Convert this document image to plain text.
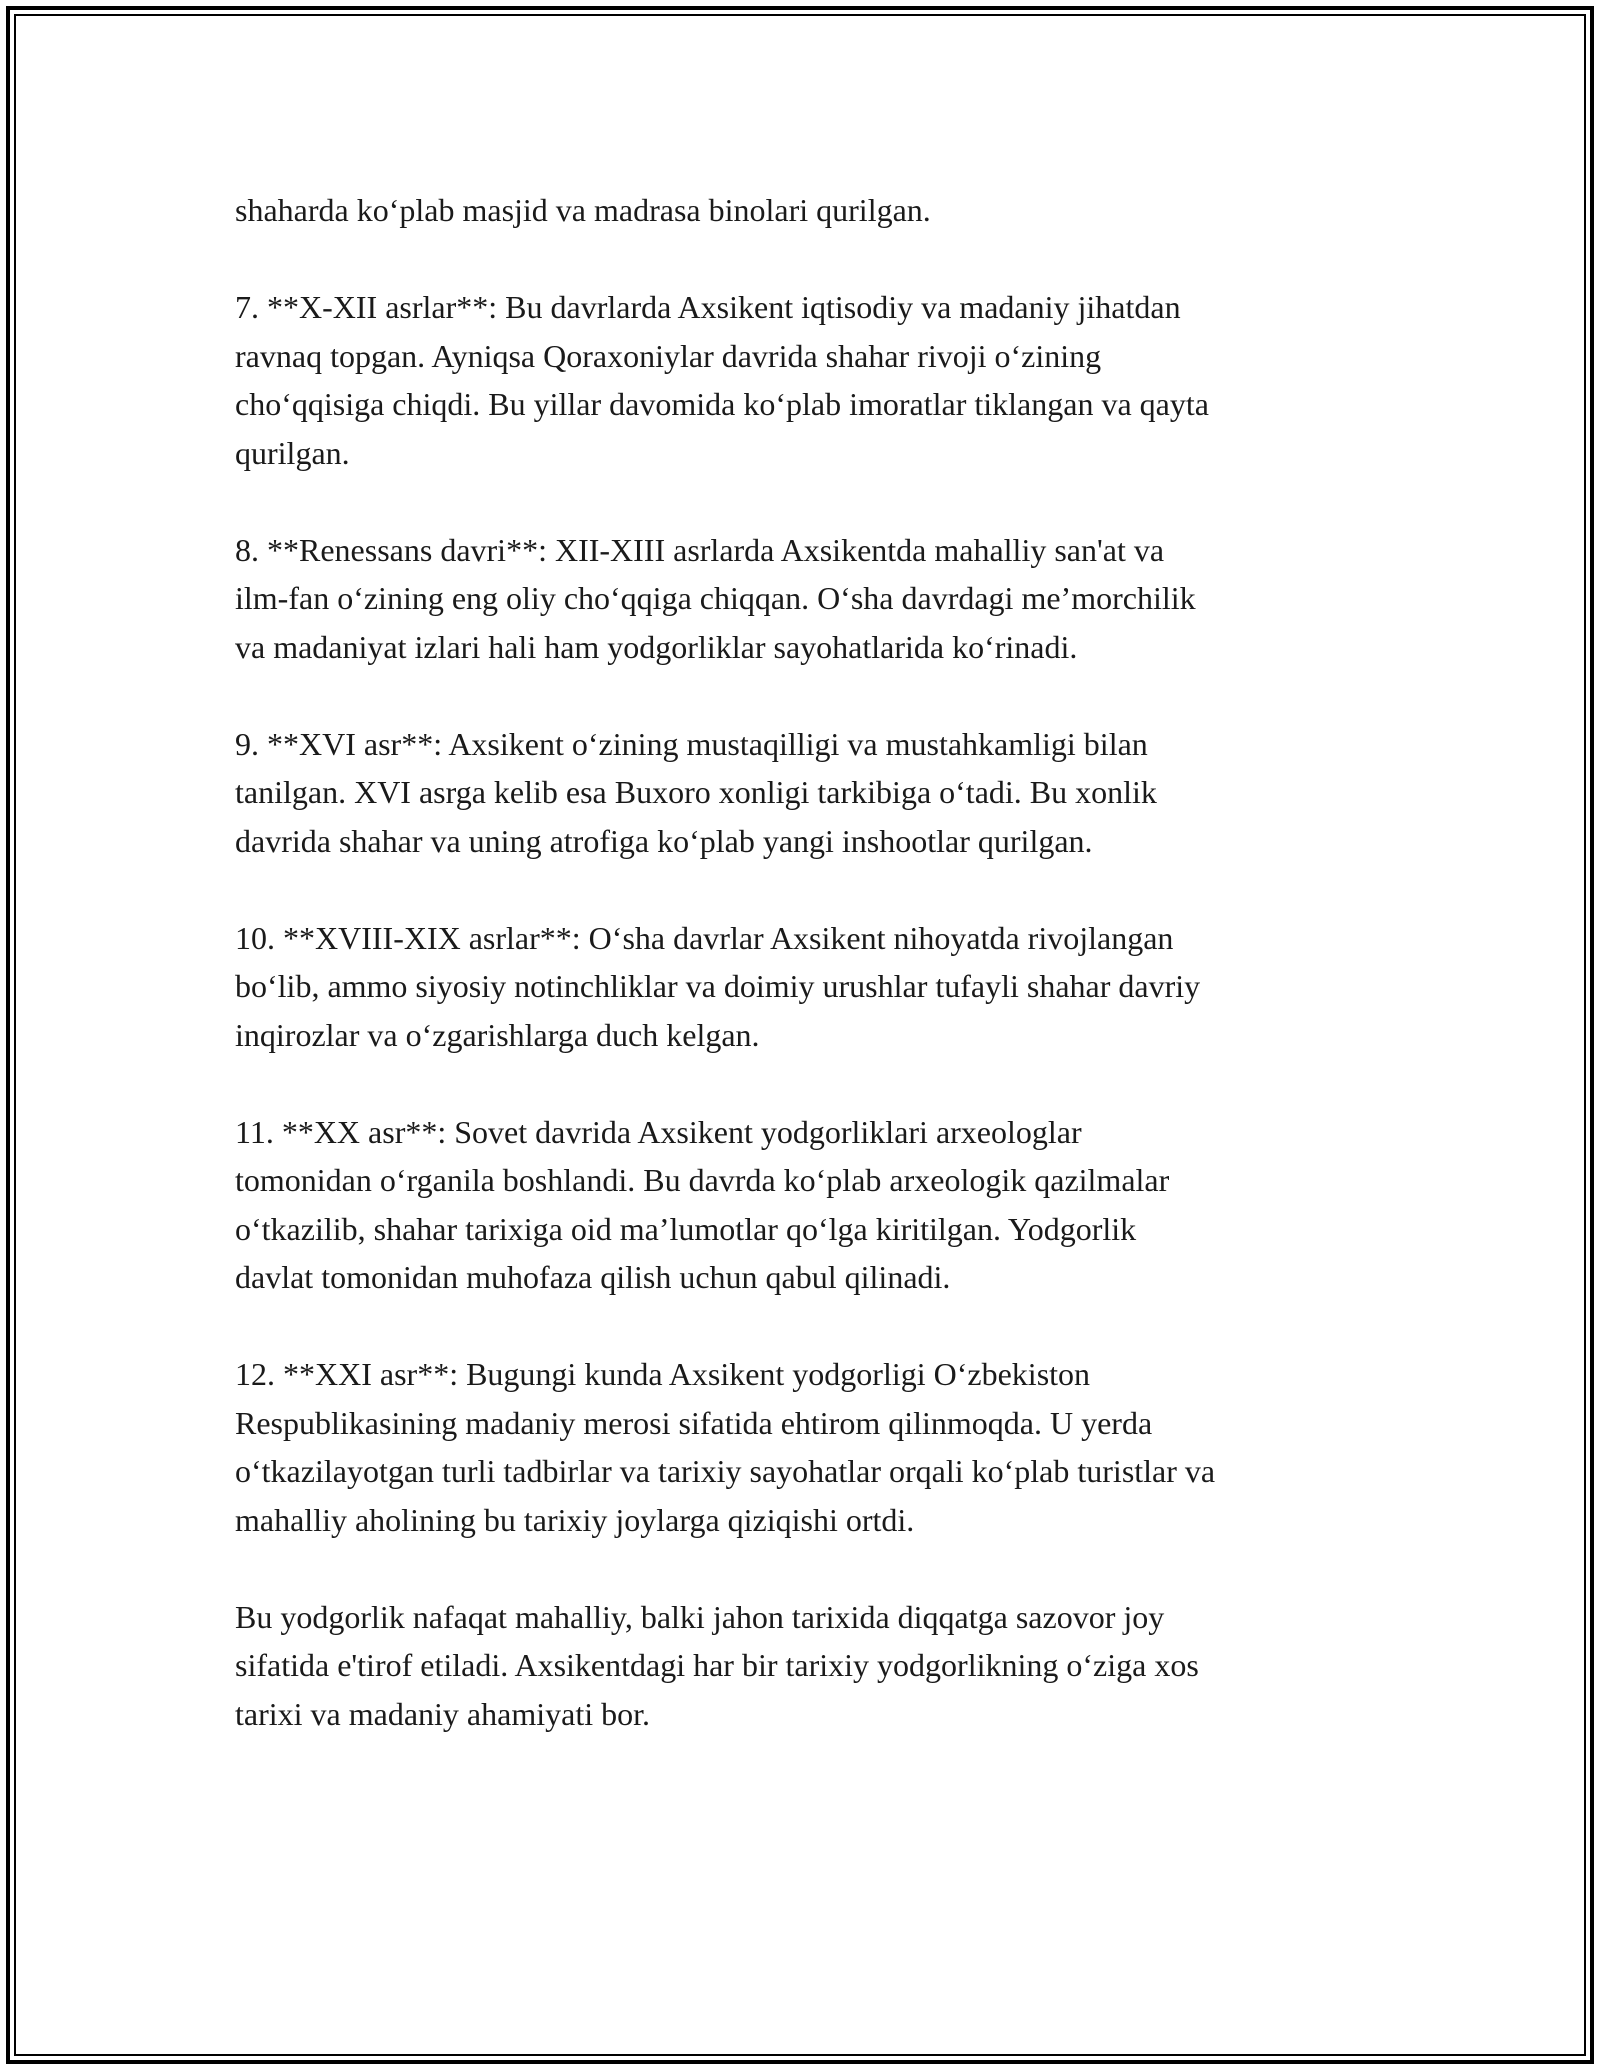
shaharda ko‘plab masjid va madrasa binolari qurilgan.

7. **X-XII asrlar**: Bu davrlarda Axsikent iqtisodiy va madaniy jihatdan
ravnaq topgan. Ayniqsa Qoraxoniylar davrida shahar rivoji o‘zining
cho‘qqisiga chiqdi. Bu yillar davomida ko‘plab imoratlar tiklangan va qayta
qurilgan.

8. **Renessans davri**: XII-XIII asrlarda Axsikentda mahalliy san'at va
ilm-fan o‘zining eng oliy cho‘qqiga chiqqan. O‘sha davrdagi me’morchilik
va madaniyat izlari hali ham yodgorliklar sayohatlarida ko‘rinadi.

9. **XVI asr**: Axsikent o‘zining mustaqilligi va mustahkamligi bilan
tanilgan. XVI asrga kelib esa Buxoro xonligi tarkibiga o‘tadi. Bu xonlik
davrida shahar va uning atrofiga ko‘plab yangi inshootlar qurilgan.

10. **XVIII-XIX asrlar**: O‘sha davrlar Axsikent nihoyatda rivojlangan
bo‘lib, ammo siyosiy notinchliklar va doimiy urushlar tufayli shahar davriy
inqirozlar va o‘zgarishlarga duch kelgan.

11. **XX asr**: Sovet davrida Axsikent yodgorliklari arxeologlar
tomonidan o‘rganila boshlandi. Bu davrda ko‘plab arxeologik qazilmalar
o‘tkazilib, shahar tarixiga oid ma’lumotlar qo‘lga kiritilgan. Yodgorlik
davlat tomonidan muhofaza qilish uchun qabul qilinadi.

12. **XXI asr**: Bugungi kunda Axsikent yodgorligi O‘zbekiston
Respublikasining madaniy merosi sifatida ehtirom qilinmoqda. U yerda
o‘tkazilayotgan turli tadbirlar va tarixiy sayohatlar orqali ko‘plab turistlar va
mahalliy aholining bu tarixiy joylarga qiziqishi ortdi.

Bu yodgorlik nafaqat mahalliy, balki jahon tarixida diqqatga sazovor joy
sifatida e'tirof etiladi. Axsikentdagi har bir tarixiy yodgorlikning o‘ziga xos
tarixi va madaniy ahamiyati bor.
